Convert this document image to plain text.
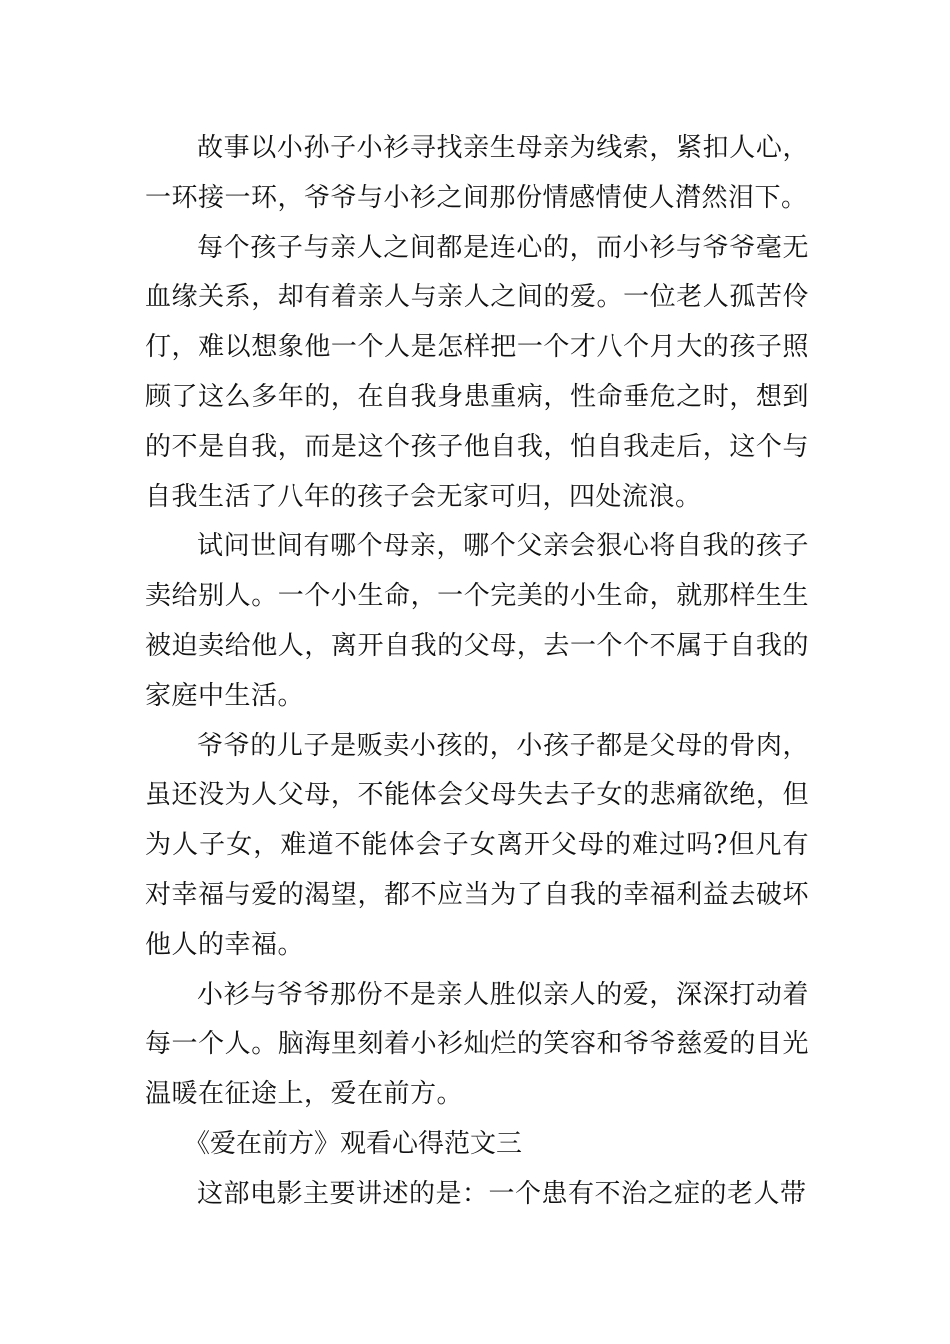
故事以小孙子小衫寻找亲生母亲为线索，紧扣人心，一环接一环，爷爷与小衫之间那份情感情使人潸然泪下。

每个孩子与亲人之间都是连心的，而小衫与爷爷毫无血缘关系，却有着亲人与亲人之间的爱。一位老人孤苦伶仃，难以想象他一个人是怎样把一个才八个月大的孩子照顾了这么多年的，在自我身患重病，性命垂危之时，想到的不是自我，而是这个孩子他自我，怕自我走后，这个与自我生活了八年的孩子会无家可归，四处流浪。

试问世间有哪个母亲，哪个父亲会狠心将自我的孩子卖给别人。一个小生命，一个完美的小生命，就那样生生被迫卖给他人，离开自我的父母，去一个个不属于自我的家庭中生活。

爷爷的儿子是贩卖小孩的，小孩子都是父母的骨肉，虽还没为人父母，不能体会父母失去子女的悲痛欲绝，但为人子女，难道不能体会子女离开父母的难过吗?但凡有对幸福与爱的渴望，都不应当为了自我的幸福利益去破坏他人的幸福。

小衫与爷爷那份不是亲人胜似亲人的爱，深深打动着每一个人。脑海里刻着小衫灿烂的笑容和爷爷慈爱的目光温暖在征途上，爱在前方。

《爱在前方》观看心得范文三

这部电影主要讲述的是：一个患有不治之症的老人带
